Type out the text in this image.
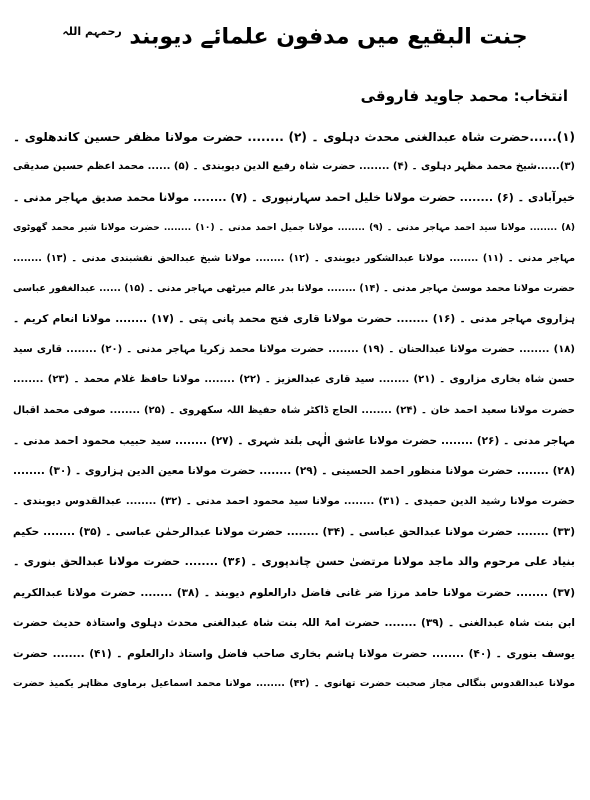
جنت البقیع میں مدفون علمائے دیوبند $^{رحمہم اللہ}$
انتخاب: محمد جاوید فاروقی
(۱)......حضرت شاہ عبدالغنی محدث دہلوی ۔ (۲) ........ حضرت مولانا مظفر حسین کاندھلوی ۔
(۳)......شیخ محمد مظہر دہلوی ۔ (۴) ........ حضرت شاہ رفیع الدین دیوبندی ۔ (۵) ...... محمد اعظم حسین صدیقی
خیرآبادی ۔ (۶) ........ حضرت مولانا خلیل احمد سہارنپوری ۔ (۷) ........ مولانا محمد صدیق مہاجر مدنی ۔
(۸) ........ مولانا سید احمد مہاجر مدنی ۔ (۹) ........ مولانا جمیل احمد مدنی ۔ (۱۰) ........ حضرت مولانا شیر محمد گھوٹوی
مہاجر مدنی ۔ (۱۱) ........ مولانا عبدالشکور دیوبندی ۔ (۱۲) ........ مولانا شیخ عبدالحق نقشبندی مدنی ۔ (۱۳) ........
حضرت مولانا محمد موسیٰ مہاجر مدنی ۔ (۱۴) ........ مولانا بدر عالم میرٹھی مہاجر مدنی ۔ (۱۵) ...... عبدالغفور عباسی
ہزاروی مہاجر مدنی ۔ (۱۶) ........ حضرت مولانا قاری فتح محمد پانی پتی ۔ (۱۷) ........ مولانا انعام کریم ۔
(۱۸) ........ حضرت مولانا عبدالحنان ۔ (۱۹) ........ حضرت مولانا محمد زکریا مہاجر مدنی ۔ (۲۰) ........ قاری سید
حسن شاہ بخاری مزاروی ۔ (۲۱) ........ سید قاری عبدالعزیز ۔ (۲۲) ........ مولانا حافظ غلام محمد ۔ (۲۳) ........
حضرت مولانا سعید احمد خان ۔ (۲۴) ........ الحاج ڈاکٹر شاہ حفیظ اللہ سکھروی ۔ (۲۵) ........ صوفی محمد اقبال
مہاجر مدنی ۔ (۲۶) ........ حضرت مولانا عاشق الٰہی بلند شہری ۔ (۲۷) ........ سید حبیب محمود احمد مدنی ۔
(۲۸) ........ حضرت مولانا منظور احمد الحسینی ۔ (۲۹) ........ حضرت مولانا معین الدین ہزاروی ۔ (۳۰) ........
حضرت مولانا رشید الدین حمیدی ۔ (۳۱) ........ مولانا سید محمود احمد مدنی ۔ (۳۲) ........ عبدالقدوس دیوبندی ۔
(۳۳) ........ حضرت مولانا عبدالحق عباسی ۔ (۳۴) ........ حضرت مولانا عبدالرحمٰن عباسی ۔ (۳۵) ........ حکیم
بنیاد علی مرحوم والد ماجد مولانا مرتضیٰ حسن چاندپوری ۔ (۳۶) ........ حضرت مولانا عبدالحق بنوری ۔
(۳۷) ........ حضرت مولانا حامد مرزا ضر غانی فاضل دارالعلوم دیوبند ۔ (۳۸) ........ حضرت مولانا عبدالکریم
ابن بنت شاہ عبدالغنی ۔ (۳۹) ........ حضرت امۃ اللہ بنت شاہ عبدالغنی محدث دہلوی واستاذہ حدیث حضرت
یوسف بنوری ۔ (۴۰) ........ حضرت مولانا ہاشم بخاری صاحب فاضل واستاذ دارالعلوم ۔ (۴۱) ........ حضرت
مولانا عبدالقدوس بنگالی مجاز صحبت حضرت تھانوی ۔ (۴۲) ........ مولانا محمد اسماعیل برماوی مظاہر یکمیذ حضرت
